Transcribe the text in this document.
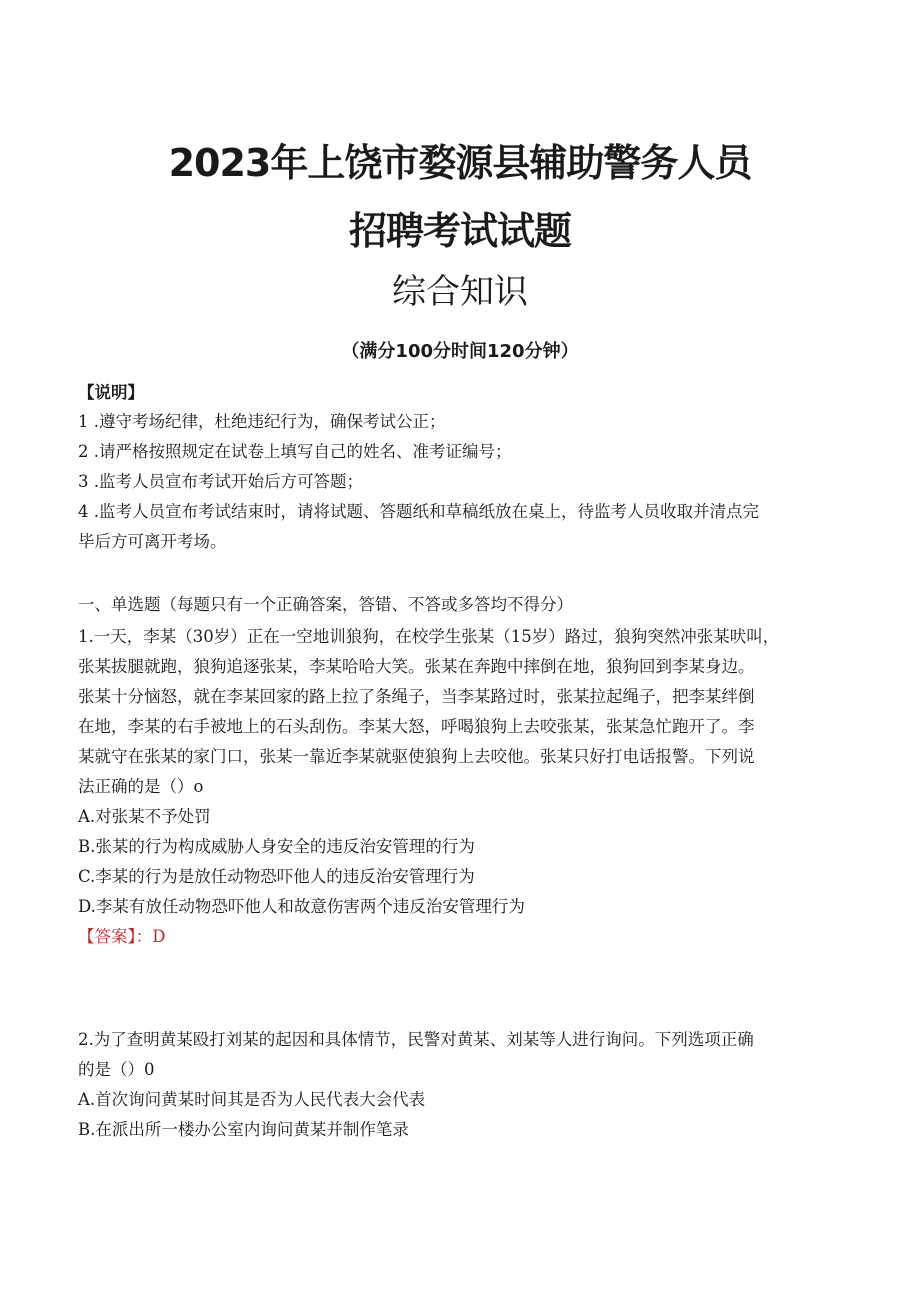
2023年上饶市婺源县辅助警务人员
招聘考试试题
综合知识
（满分100分时间120分钟）
【说明】
1 .遵守考场纪律，杜绝违纪行为，确保考试公正；
2 .请严格按照规定在试卷上填写自己的姓名、准考证编号；
3 .监考人员宣布考试开始后方可答题；
4 .监考人员宣布考试结束时，请将试题、答题纸和草稿纸放在桌上，待监考人员收取并清点完
毕后方可离开考场。
一、单选题（每题只有一个正确答案，答错、不答或多答均不得分）
1.一天，李某（30岁）正在一空地训狼狗，在校学生张某（15岁）路过，狼狗突然冲张某吠叫，
张某拔腿就跑，狼狗追逐张某，李某哈哈大笑。张某在奔跑中摔倒在地，狼狗回到李某身边。
张某十分恼怒，就在李某回家的路上拉了条绳子，当李某路过时，张某拉起绳子，把李某绊倒
在地，李某的右手被地上的石头刮伤。李某大怒，呼喝狼狗上去咬张某，张某急忙跑开了。李
某就守在张某的家门口，张某一靠近李某就驱使狼狗上去咬他。张某只好打电话报警。下列说
法正确的是（）o
A.对张某不予处罚
B.张某的行为构成威胁人身安全的违反治安管理的行为
C.李某的行为是放任动物恐吓他人的违反治安管理行为
D.李某有放任动物恐吓他人和故意伤害两个违反治安管理行为
【答案】：D
2.为了查明黄某殴打刘某的起因和具体情节，民警对黄某、刘某等人进行询问。下列选项正确
的是（）0
A.首次询问黄某时间其是否为人民代表大会代表
B.在派出所一楼办公室内询问黄某并制作笔录
